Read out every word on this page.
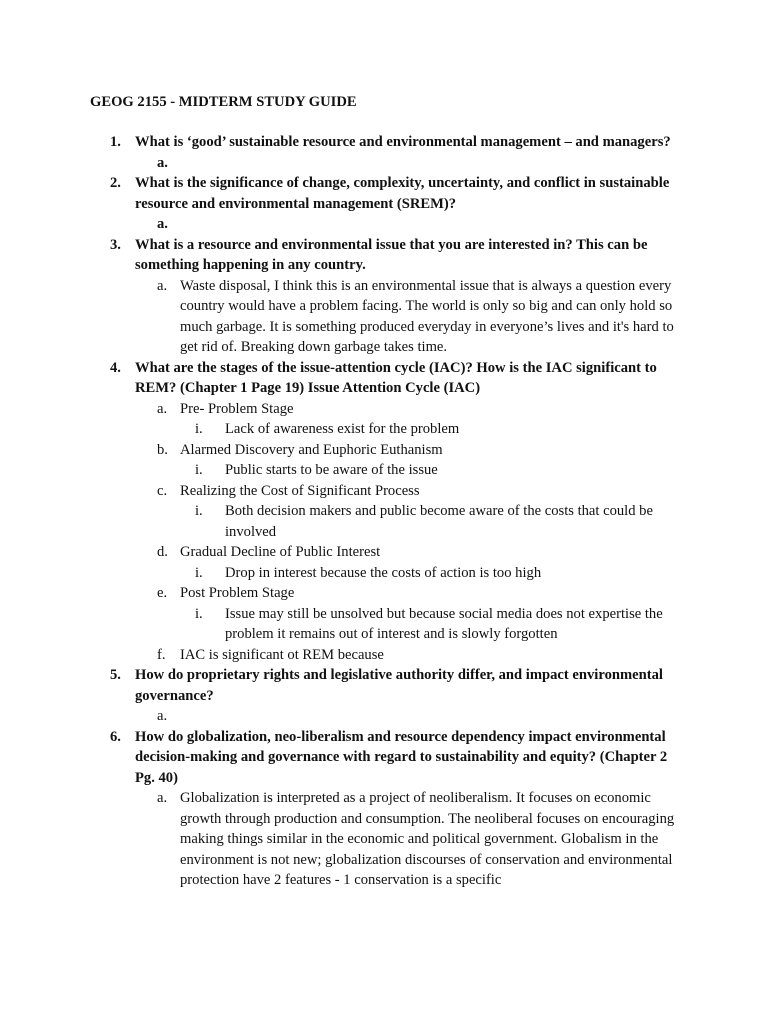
GEOG 2155 - MIDTERM STUDY GUIDE
1. What is ‘good’ sustainable resource and environmental management – and managers?
a.

2. What is the significance of change, complexity, uncertainty, and conflict in sustainable resource and environmental management (SREM)?
a.

3. What is a resource and environmental issue that you are interested in? This can be something happening in any country.
a. Waste disposal, I think this is an environmental issue that is always a question every country would have a problem facing. The world is only so big and can only hold so much garbage. It is something produced everyday in everyone’s lives and it's hard to get rid of. Breaking down garbage takes time.
4. What are the stages of the issue-attention cycle (IAC)? How is the IAC significant to REM? (Chapter 1 Page 19) Issue Attention Cycle (IAC)
a. Pre- Problem Stage
i. Lack of awareness exist for the problem
b. Alarmed Discovery and Euphoric Euthanism
i. Public starts to be aware of the issue
c. Realizing the Cost of Significant Process
i. Both decision makers and public become aware of the costs that could be involved
d. Gradual Decline of Public Interest
i. Drop in interest because the costs of action is too high
e. Post Problem Stage
i. Issue may still be unsolved but because social media does not expertise the problem it remains out of interest and is slowly forgotten
f. IAC is significant ot REM because
5. How do proprietary rights and legislative authority differ, and impact environmental governance?
a.

6. How do globalization, neo-liberalism and resource dependency impact environmental decision-making and governance with regard to sustainability and equity? (Chapter 2 Pg. 40)
a. Globalization is interpreted as a project of neoliberalism. It focuses on economic growth through production and consumption. The neoliberal focuses on encouraging making things similar in the economic and political government. Globalism in the environment is not new; globalization discourses of conservation and environmental protection have 2 features - 1 conservation is a specific
